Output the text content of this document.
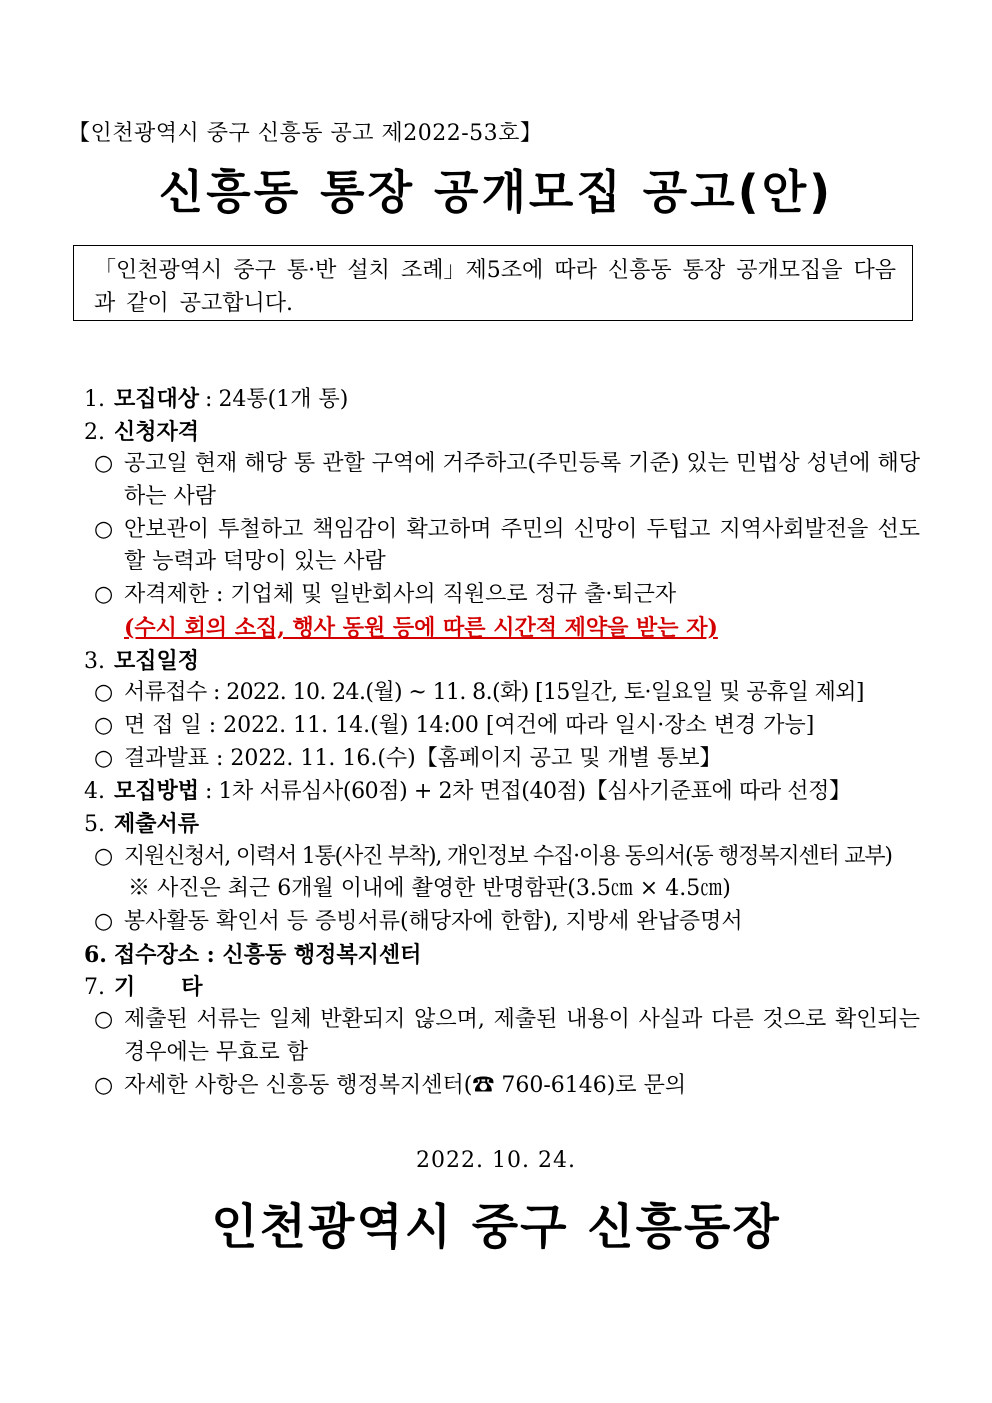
【인천광역시 중구 신흥동 공고 제2022-53호】
신흥동 통장 공개모집 공고(안)
「인천광역시 중구 통·반 설치 조례」제5조에 따라 신흥동 통장 공개모집을 다음과 같이 공고합니다.
1. 모집대상 : 24통(1개 통)
2. 신청자격
○ 공고일 현재 해당 통 관할 구역에 거주하고(주민등록 기준) 있는 민법상 성년에 해당하는 사람
○ 안보관이 투철하고 책임감이 확고하며 주민의 신망이 두텁고 지역사회발전을 선도할 능력과 덕망이 있는 사람
○ 자격제한 : 기업체 및 일반회사의 직원으로 정규 출·퇴근자
(수시 회의 소집, 행사 동원 등에 따른 시간적 제약을 받는 자)
3. 모집일정
○ 서류접수 : 2022. 10. 24.(월) ~ 11. 8.(화) [15일간, 토·일요일 및 공휴일 제외]
○ 면 접 일 : 2022. 11. 14.(월) 14:00 [여건에 따라 일시·장소 변경 가능]
○ 결과발표 : 2022. 11. 16.(수)【홈페이지 공고 및 개별 통보】
4. 모집방법 : 1차 서류심사(60점) + 2차 면접(40점)【심사기준표에 따라 선정】
5. 제출서류
○ 지원신청서, 이력서 1통(사진 부착), 개인정보 수집·이용 동의서(동 행정복지센터 교부)
※ 사진은 최근 6개월 이내에 촬영한 반명함판(3.5㎝ × 4.5㎝)
○ 봉사활동 확인서 등 증빙서류(해당자에 한함), 지방세 완납증명서
6. 접수장소 : 신흥동 행정복지센터
7. 기      타
○ 제출된 서류는 일체 반환되지 않으며, 제출된 내용이 사실과 다른 것으로 확인되는 경우에는 무효로 함
○ 자세한 사항은 신흥동 행정복지센터(☎ 760-6146)로 문의
2022. 10. 24.
인천광역시 중구 신흥동장
